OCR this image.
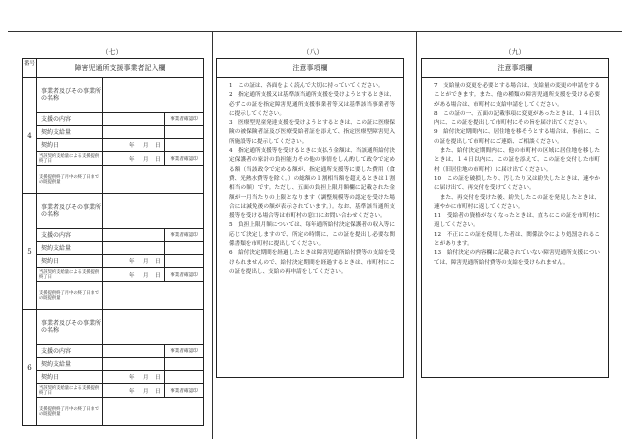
（七）	（八）	（九）
番号	障害児通所支援事業者記入欄
4
事業者及びその事業所の名称
支援の内容	事業者確認印
契約支給量
契約日	年 月 日
当該契約支給量による支援提供終了日	年 月 日	事業者確認印
支援提供終了月中の終了日までの既提供量
5
事業者及びその事業所の名称
支援の内容	事業者確認印
契約支給量
契約日	年 月 日
当該契約支給量による支援提供終了日	年 月 日	事業者確認印
支援提供終了月中の終了日までの既提供量
6
事業者及びその事業所の名称
支援の内容	事業者確認印
契約支給量
契約日	年 月 日
当該契約支給量による支援提供終了日	年 月 日	事業者確認印
支援提供終了月中の終了日までの既提供量
注意事項欄

1　この証は、各面をよく読んで大切に持っていてください。

2　指定通所支援又は基準該当通所支援を受けようとするときは、必ずこの証を指定障害児通所支援事業者等又は基準該当事業者等に提示してください。

3　医療型児童発達支援を受けようとするときは、この証に医療保険の被保険者証及び医療受給者証を添えて、指定医療型障害児入所施設等に提示してください。

4　指定通所支援等を受けるときに支払う金額は、当該通所給付決定保護者の家計の負担能力その他の事情をしん酌して政令で定める額（当該政令で定める額が、指定通所支援等に要した費用（食費、光熱水費等を除く。）の総額の１割相当額を超えるときは１割相当の額）です。ただし、五面の負担上限月額欄に記載された金額が一月当たりの上限となります（調整規模等の認定を受けた場合には減免後の額が表示されています。）。なお、基準該当通所支援等を受ける場合等は市町村の窓口にお問い合わせください。

5　負担上限月額については、毎年通所給付決定保護者の収入等に応じて決定しますので、所定の時期に、この証を提出し必要な関係書類を市町村に提出してください。

6　給付決定期間を経過したときは障害児通所給付費等の支給を受けられませんので、給付決定期間を経過するときは、市町村にこの証を提出し、支給の再申請をしてください。

注意事項欄

7　支給量の変更を必要とする場合は、支給量の変更の申請をすることができます。また、他の種類の障害児通所支援を受ける必要がある場合は、市町村に支給申請をしてください。

8　この証の一、五面の記載事項に変更があったときは、１４日以内に、この証を提出して市町村にその旨を届け出てください。

9　給付決定期間内に、居住地を移そうとする場合は、事前に、この証を提出して市町村にご連絡、ご相談ください。

　また、給付決定期間内に、他の市町村の区域に居住地を移したときは、１４日以内に、この証を添えて、この証を交付した市町村（旧居住地の市町村）に届け出てください。

10　この証を破損したり、汚したり又は紛失したときは、速やかに届け出て、再交付を受けてください。

　また、再交付を受けた後、紛失したこの証を発見したときは、速やかに市町村に返してください。

11　受給者の資格がなくなったときは、直ちにこの証を市町村に返してください。

12　不正にこの証を使用した者は、関係法令により処罰されることがあります。

13　給付決定の内容欄に記載されていない障害児通所支援については、障害児通所給付費等の支給を受けられません。
